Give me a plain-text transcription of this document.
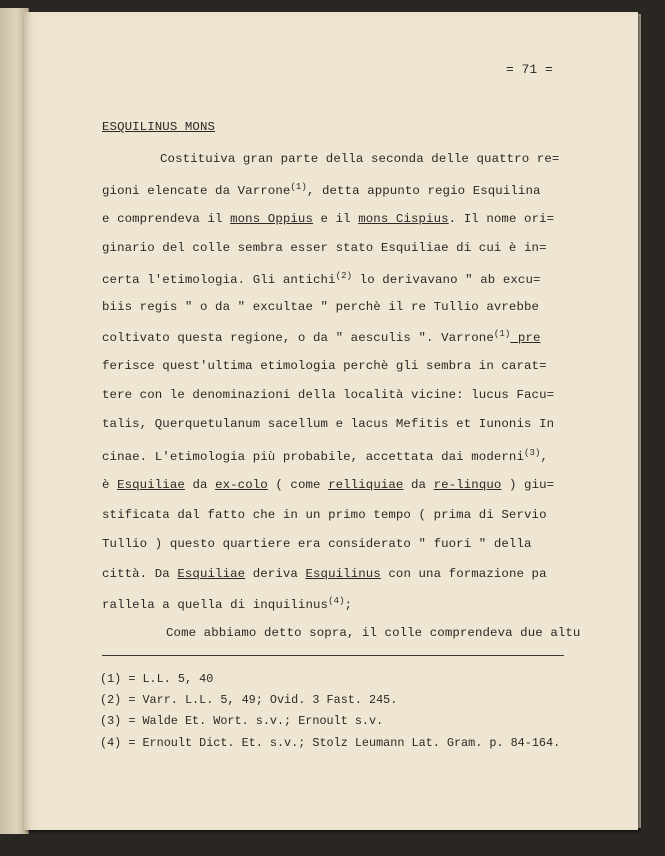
= 71 =
ESQUILINUS MONS
Costituiva gran parte della seconda delle quattro re=
gioni elencate da Varrone$^{(1)}$, detta appunto regio Esquilina
e comprendeva il mons Oppius e il mons Cispius. Il nome ori=
ginario del colle sembra esser stato Esquiliae di cui è in=
certa l'etimologia. Gli antichi$^{(2)}$ lo derivavano " ab excu=
biis regis " o da " excultae " perchè il re Tullio avrebbe
coltivato questa regione, o da " aesculis ". Varrone$^{(1)}$ pre
ferisce quest'ultima etimologia perchè gli sembra in carat=
tere con le denominazioni della località vicine: lucus Facu=
talis, Querquetulanum sacellum e lacus Mefitis et Iunonis In
cinae. L'etimologia più probabile, accettata dai moderni$^{(3)}$,
è Esquiliae da ex-colo ( come relliquiae da re-linquo ) giu=
stificata dal fatto che in un primo tempo ( prima di Servio
Tullio ) questo quartiere era considerato " fuori " della
città. Da Esquiliae deriva Esquilinus con una formazione pa
rallela a quella di inquilinus$^{(4)}$;
Come abbiamo detto sopra, il colle comprendeva due altu
(1) = L.L. 5, 40
(2) = Varr. L.L. 5, 49; Ovid. 3 Fast. 245.
(3) = Walde Et. Wort. s.v.; Ernoult s.v.
(4) = Ernoult Dict. Et. s.v.; Stolz Leumann Lat. Gram. p. 84-164.
